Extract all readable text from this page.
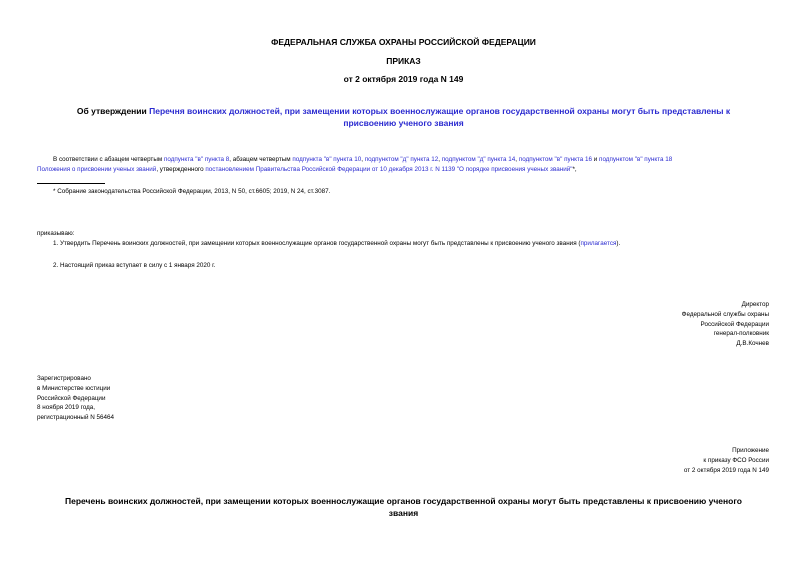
ФЕДЕРАЛЬНАЯ СЛУЖБА ОХРАНЫ РОССИЙСКОЙ ФЕДЕРАЦИИ
ПРИКАЗ
от 2 октября 2019 года N 149
Об утверждении Перечня воинских должностей, при замещении которых военнослужащие органов государственной охраны могут быть представлены к
присвоению ученого звания
В соответствии с абзацем четвертым подпункта "в" пункта 8, абзацем четвертым подпункта "в" пункта 10, подпунктом "д" пункта 12, подпунктом "д" пункта 14, подпунктом "в" пункта 16 и подпунктом "в" пункта 18
Положения о присвоении ученых званий, утвержденного постановлением Правительства Российской Федерации от 10 декабря 2013 г. N 1139 "О порядке присвоения ученых званий"*,
* Собрание законодательства Российской Федерации, 2013, N 50, ст.6605; 2019, N 24, ст.3087.
приказываю:
1. Утвердить Перечень воинских должностей, при замещении которых военнослужащие органов государственной охраны могут быть представлены к присвоению ученого звания (прилагается).
2. Настоящий приказ вступает в силу с 1 января 2020 г.
Директор
Федеральной службы охраны
Российской Федерации
генерал-полковник
Д.В.Кочнев
Зарегистрировано
в Министерстве юстиции
Российской Федерации
8 ноября 2019 года,
регистрационный N 56464
Приложение
к приказу ФСО России
от 2 октября 2019 года N 149
Перечень воинских должностей, при замещении которых военнослужащие органов государственной охраны могут быть представлены к присвоению ученого
звания
